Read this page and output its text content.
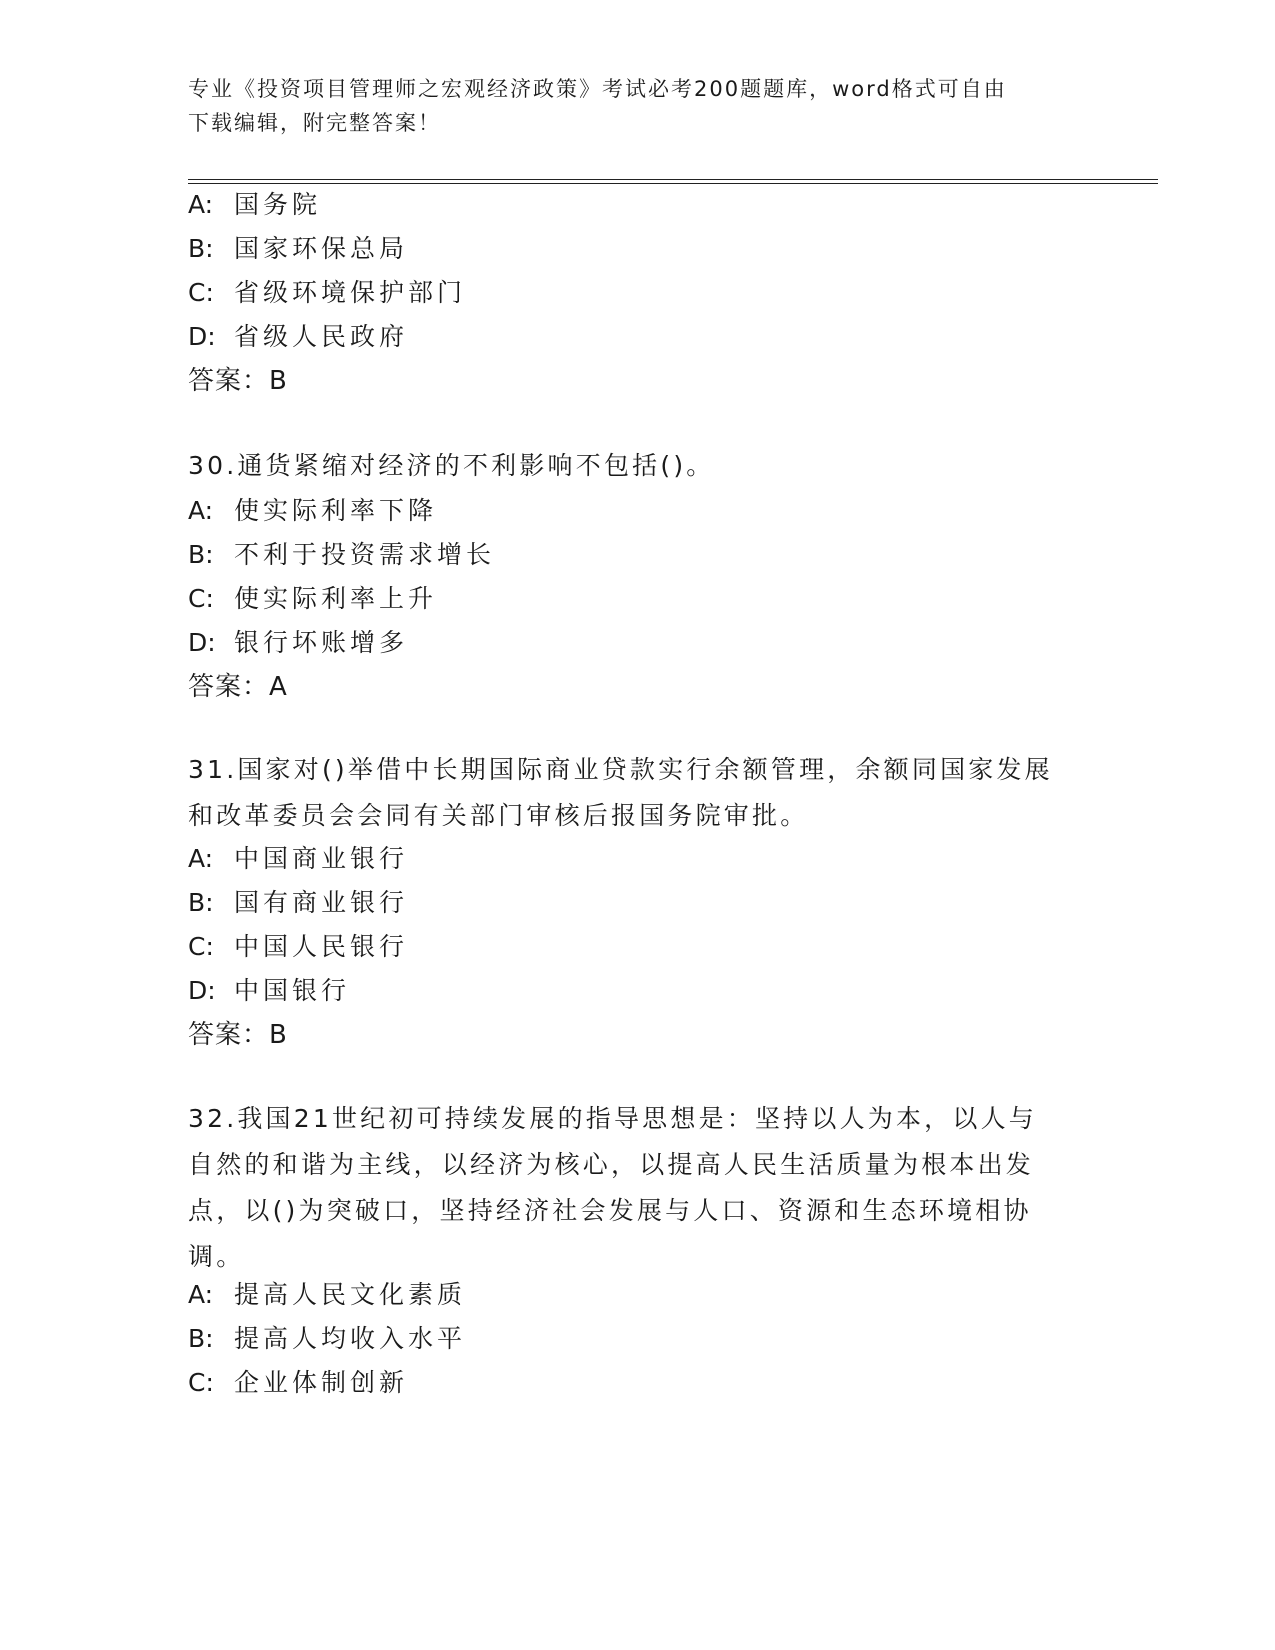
专业《投资项目管理师之宏观经济政策》考试必考200题题库，word格式可自由
下载编辑，附完整答案！
A: 国务院
B: 国家环保总局
C: 省级环境保护部门
D: 省级人民政府
答案：B
30.通货紧缩对经济的不利影响不包括()。
A: 使实际利率下降
B: 不利于投资需求增长
C: 使实际利率上升
D: 银行坏账增多
答案：A
31.国家对()举借中长期国际商业贷款实行余额管理，余额同国家发展
和改革委员会会同有关部门审核后报国务院审批。
A: 中国商业银行
B: 国有商业银行
C: 中国人民银行
D: 中国银行
答案：B
32.我国21世纪初可持续发展的指导思想是：坚持以人为本，以人与
自然的和谐为主线，以经济为核心，以提高人民生活质量为根本出发
点，以()为突破口，坚持经济社会发展与人口、资源和生态环境相协
调。
A: 提高人民文化素质
B: 提高人均收入水平
C: 企业体制创新
